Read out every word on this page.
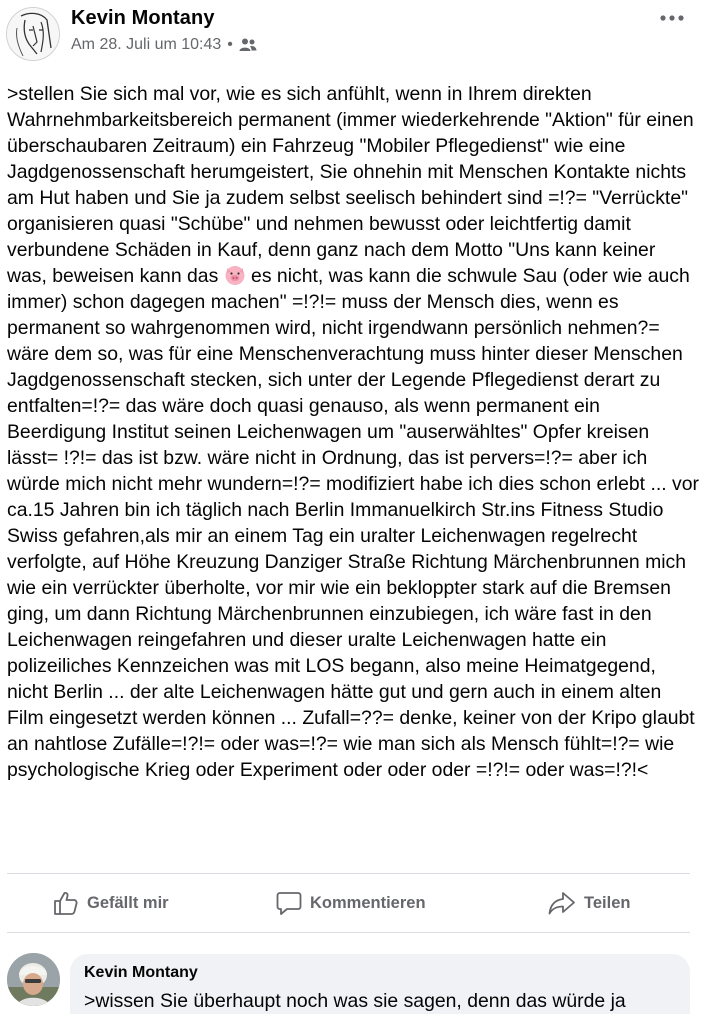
Kevin Montany
Am 28. Juli um 10:43 •
>stellen Sie sich mal vor, wie es sich anfühlt, wenn in Ihrem direkten Wahrnehmbarkeitsbereich permanent (immer wiederkehrende "Aktion" für einen überschaubaren Zeitraum) ein Fahrzeug "Mobiler Pflegedienst" wie eine Jagdgenossenschaft herumgeistert, Sie ohnehin mit Menschen Kontakte nichts am Hut haben und Sie ja zudem selbst seelisch behindert sind =!?= "Verrückte" organisieren quasi "Schübe" und nehmen bewusst oder leichtfertig damit verbundene Schäden in Kauf, denn ganz nach dem Motto "Uns kann keiner was, beweisen kann das  es nicht, was kann die schwule Sau (oder wie auch immer) schon dagegen machen" =!?!= muss der Mensch dies, wenn es permanent so wahrgenommen wird, nicht irgendwann persönlich nehmen?= wäre dem so, was für eine Menschenverachtung muss hinter dieser Menschen Jagdgenossenschaft stecken, sich unter der Legende Pflegedienst derart zu entfalten=!?= das wäre doch quasi genauso, als wenn permanent ein Beerdigung Institut seinen Leichenwagen um "auserwähltes" Opfer kreisen lässt= !?!= das ist bzw. wäre nicht in Ordnung, das ist pervers=!?= aber ich würde mich nicht mehr wundern=!?= modifiziert habe ich dies schon erlebt ... vor ca.15 Jahren bin ich täglich nach Berlin Immanuelkirch Str.ins Fitness Studio Swiss gefahren,als mir an einem Tag ein uralter Leichenwagen regelrecht verfolgte, auf Höhe Kreuzung Danziger Straße Richtung Märchenbrunnen mich wie ein verrückter überholte, vor mir wie ein bekloppter stark auf die Bremsen ging, um dann Richtung Märchenbrunnen einzubiegen, ich wäre fast in den Leichenwagen reingefahren und dieser uralte Leichenwagen hatte ein polizeiliches Kennzeichen was mit LOS begann, also meine Heimatgegend, nicht Berlin ... der alte Leichenwagen hätte gut und gern auch in einem alten Film eingesetzt werden können ... Zufall=??= denke, keiner von der Kripo glaubt an nahtlose Zufälle=!?!= oder was=!?= wie man sich als Mensch fühlt=!?= wie psychologische Krieg oder Experiment oder oder oder =!?!= oder was=!?!<
Gefällt mir	Kommentieren	Teilen
Kevin Montany
>wissen Sie überhaupt noch was sie sagen, denn das würde ja
